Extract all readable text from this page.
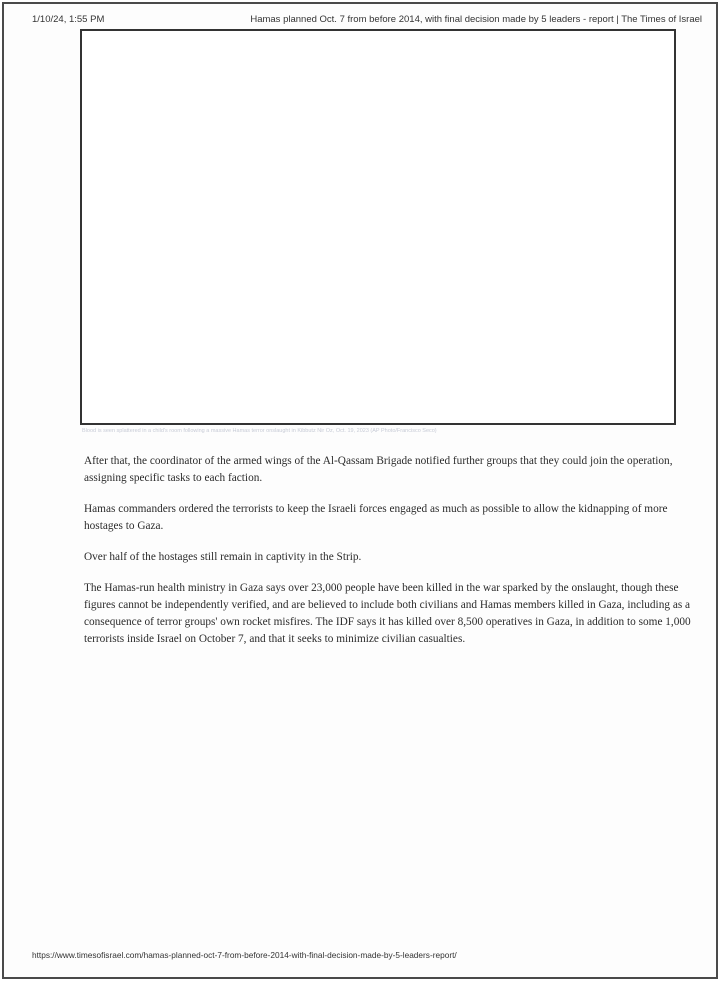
1/10/24, 1:55 PM	Hamas planned Oct. 7 from before 2014, with final decision made by 5 leaders - report | The Times of Israel
Blood is seen splattered in a child's room following a massive Hamas terror onslaught in Kibbutz Nir Oz, Oct. 19, 2023 (AP Photo/Francisco Seco)

After that, the coordinator of the armed wings of the Al-Qassam Brigade notified further groups that they could join the operation, assigning specific tasks to each faction.

Hamas commanders ordered the terrorists to keep the Israeli forces engaged as much as possible to allow the kidnapping of more hostages to Gaza.

Over half of the hostages still remain in captivity in the Strip.

The Hamas-run health ministry in Gaza says over 23,000 people have been killed in the war sparked by the onslaught, though these figures cannot be independently verified, and are believed to include both civilians and Hamas members killed in Gaza, including as a consequence of terror groups' own rocket misfires. The IDF says it has killed over 8,500 operatives in Gaza, in addition to some 1,000 terrorists inside Israel on October 7, and that it seeks to minimize civilian casualties.

https://www.timesofisrael.com/hamas-planned-oct-7-from-before-2014-with-final-decision-made-by-5-leaders-report/
